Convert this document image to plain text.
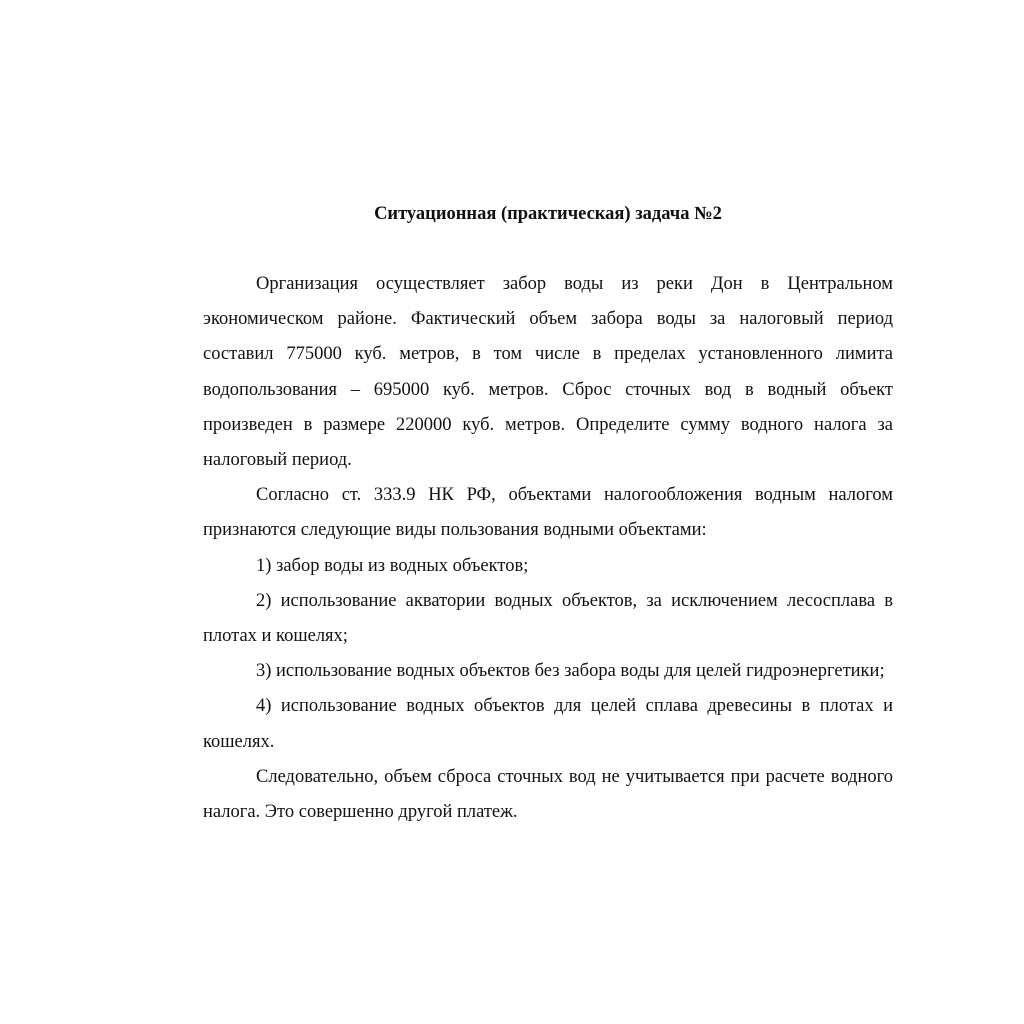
Ситуационная (практическая) задача №2

Организация осуществляет забор воды из реки Дон в Центральном экономическом районе. Фактический объем забора воды за налоговый период составил 775000 куб. метров, в том числе в пределах установленного лимита водопользования – 695000 куб. метров. Сброс сточных вод в водный объект произведен в размере 220000 куб. метров. Определите сумму водного налога за налоговый период.

Согласно ст. 333.9 НК РФ, объектами налогообложения водным налогом признаются следующие виды пользования водными объектами:

1) забор воды из водных объектов;

2) использование акватории водных объектов, за исключением лесосплава в плотах и кошелях;

3) использование водных объектов без забора воды для целей гидроэнергетики;

4) использование водных объектов для целей сплава древесины в плотах и кошелях.

Следовательно, объем сброса сточных вод не учитывается при расчете водного налога. Это совершенно другой платеж.
